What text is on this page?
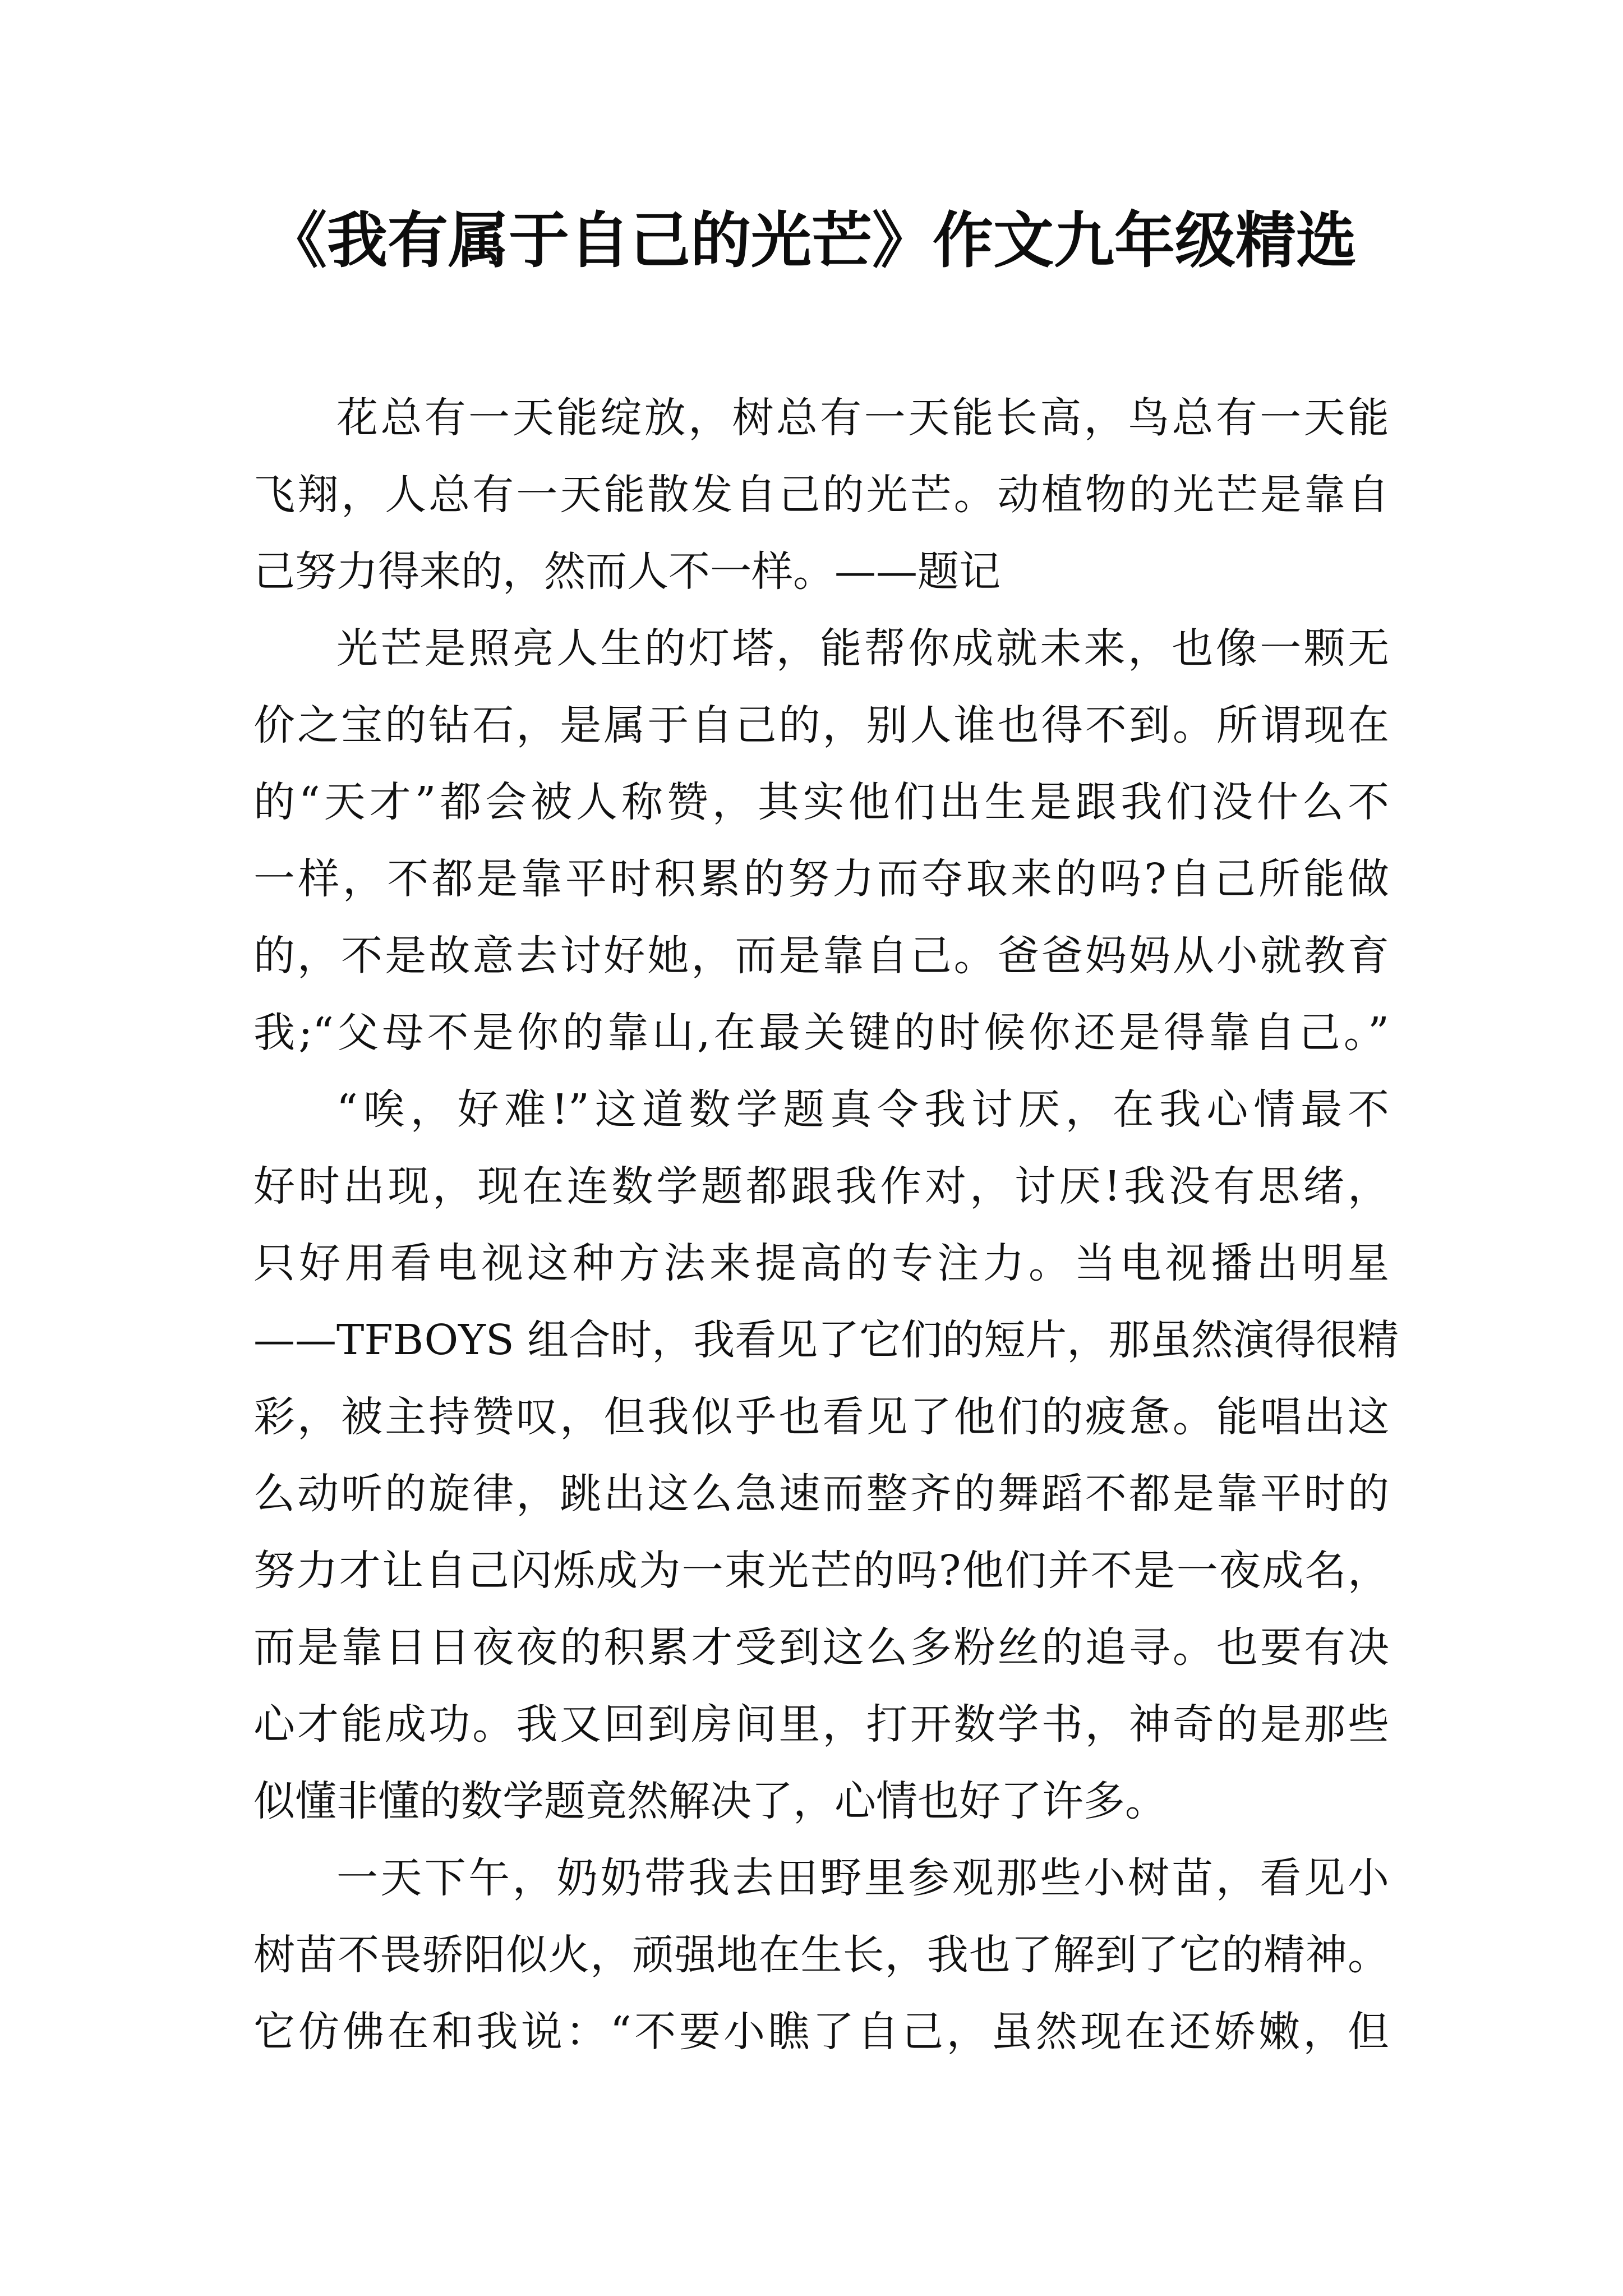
《我有属于自己的光芒》作文九年级精选
花总有一天能绽放，树总有一天能长高，鸟总有一天能
飞翔，人总有一天能散发自己的光芒。动植物的光芒是靠自
己努力得来的，然而人不一样。——题记
光芒是照亮人生的灯塔，能帮你成就未来，也像一颗无
价之宝的钻石，是属于自己的，别人谁也得不到。所谓现在
的“天才”都会被人称赞，其实他们出生是跟我们没什么不
一样，不都是靠平时积累的努力而夺取来的吗?自己所能做
的，不是故意去讨好她，而是靠自己。爸爸妈妈从小就教育
我;“父母不是你的靠山,在最关键的时候你还是得靠自己。”
“唉，好难!”这道数学题真令我讨厌，在我心情最不
好时出现，现在连数学题都跟我作对，讨厌!我没有思绪，
只好用看电视这种方法来提高的专注力。当电视播出明星
——TFBOYS 组合时，我看见了它们的短片，那虽然演得很精
彩，被主持赞叹，但我似乎也看见了他们的疲惫。能唱出这
么动听的旋律，跳出这么急速而整齐的舞蹈不都是靠平时的
努力才让自己闪烁成为一束光芒的吗?他们并不是一夜成名，
而是靠日日夜夜的积累才受到这么多粉丝的追寻。也要有决
心才能成功。我又回到房间里，打开数学书，神奇的是那些
似懂非懂的数学题竟然解决了，心情也好了许多。
一天下午，奶奶带我去田野里参观那些小树苗，看见小
树苗不畏骄阳似火，顽强地在生长，我也了解到了它的精神。
它仿佛在和我说：“不要小瞧了自己，虽然现在还娇嫩，但
